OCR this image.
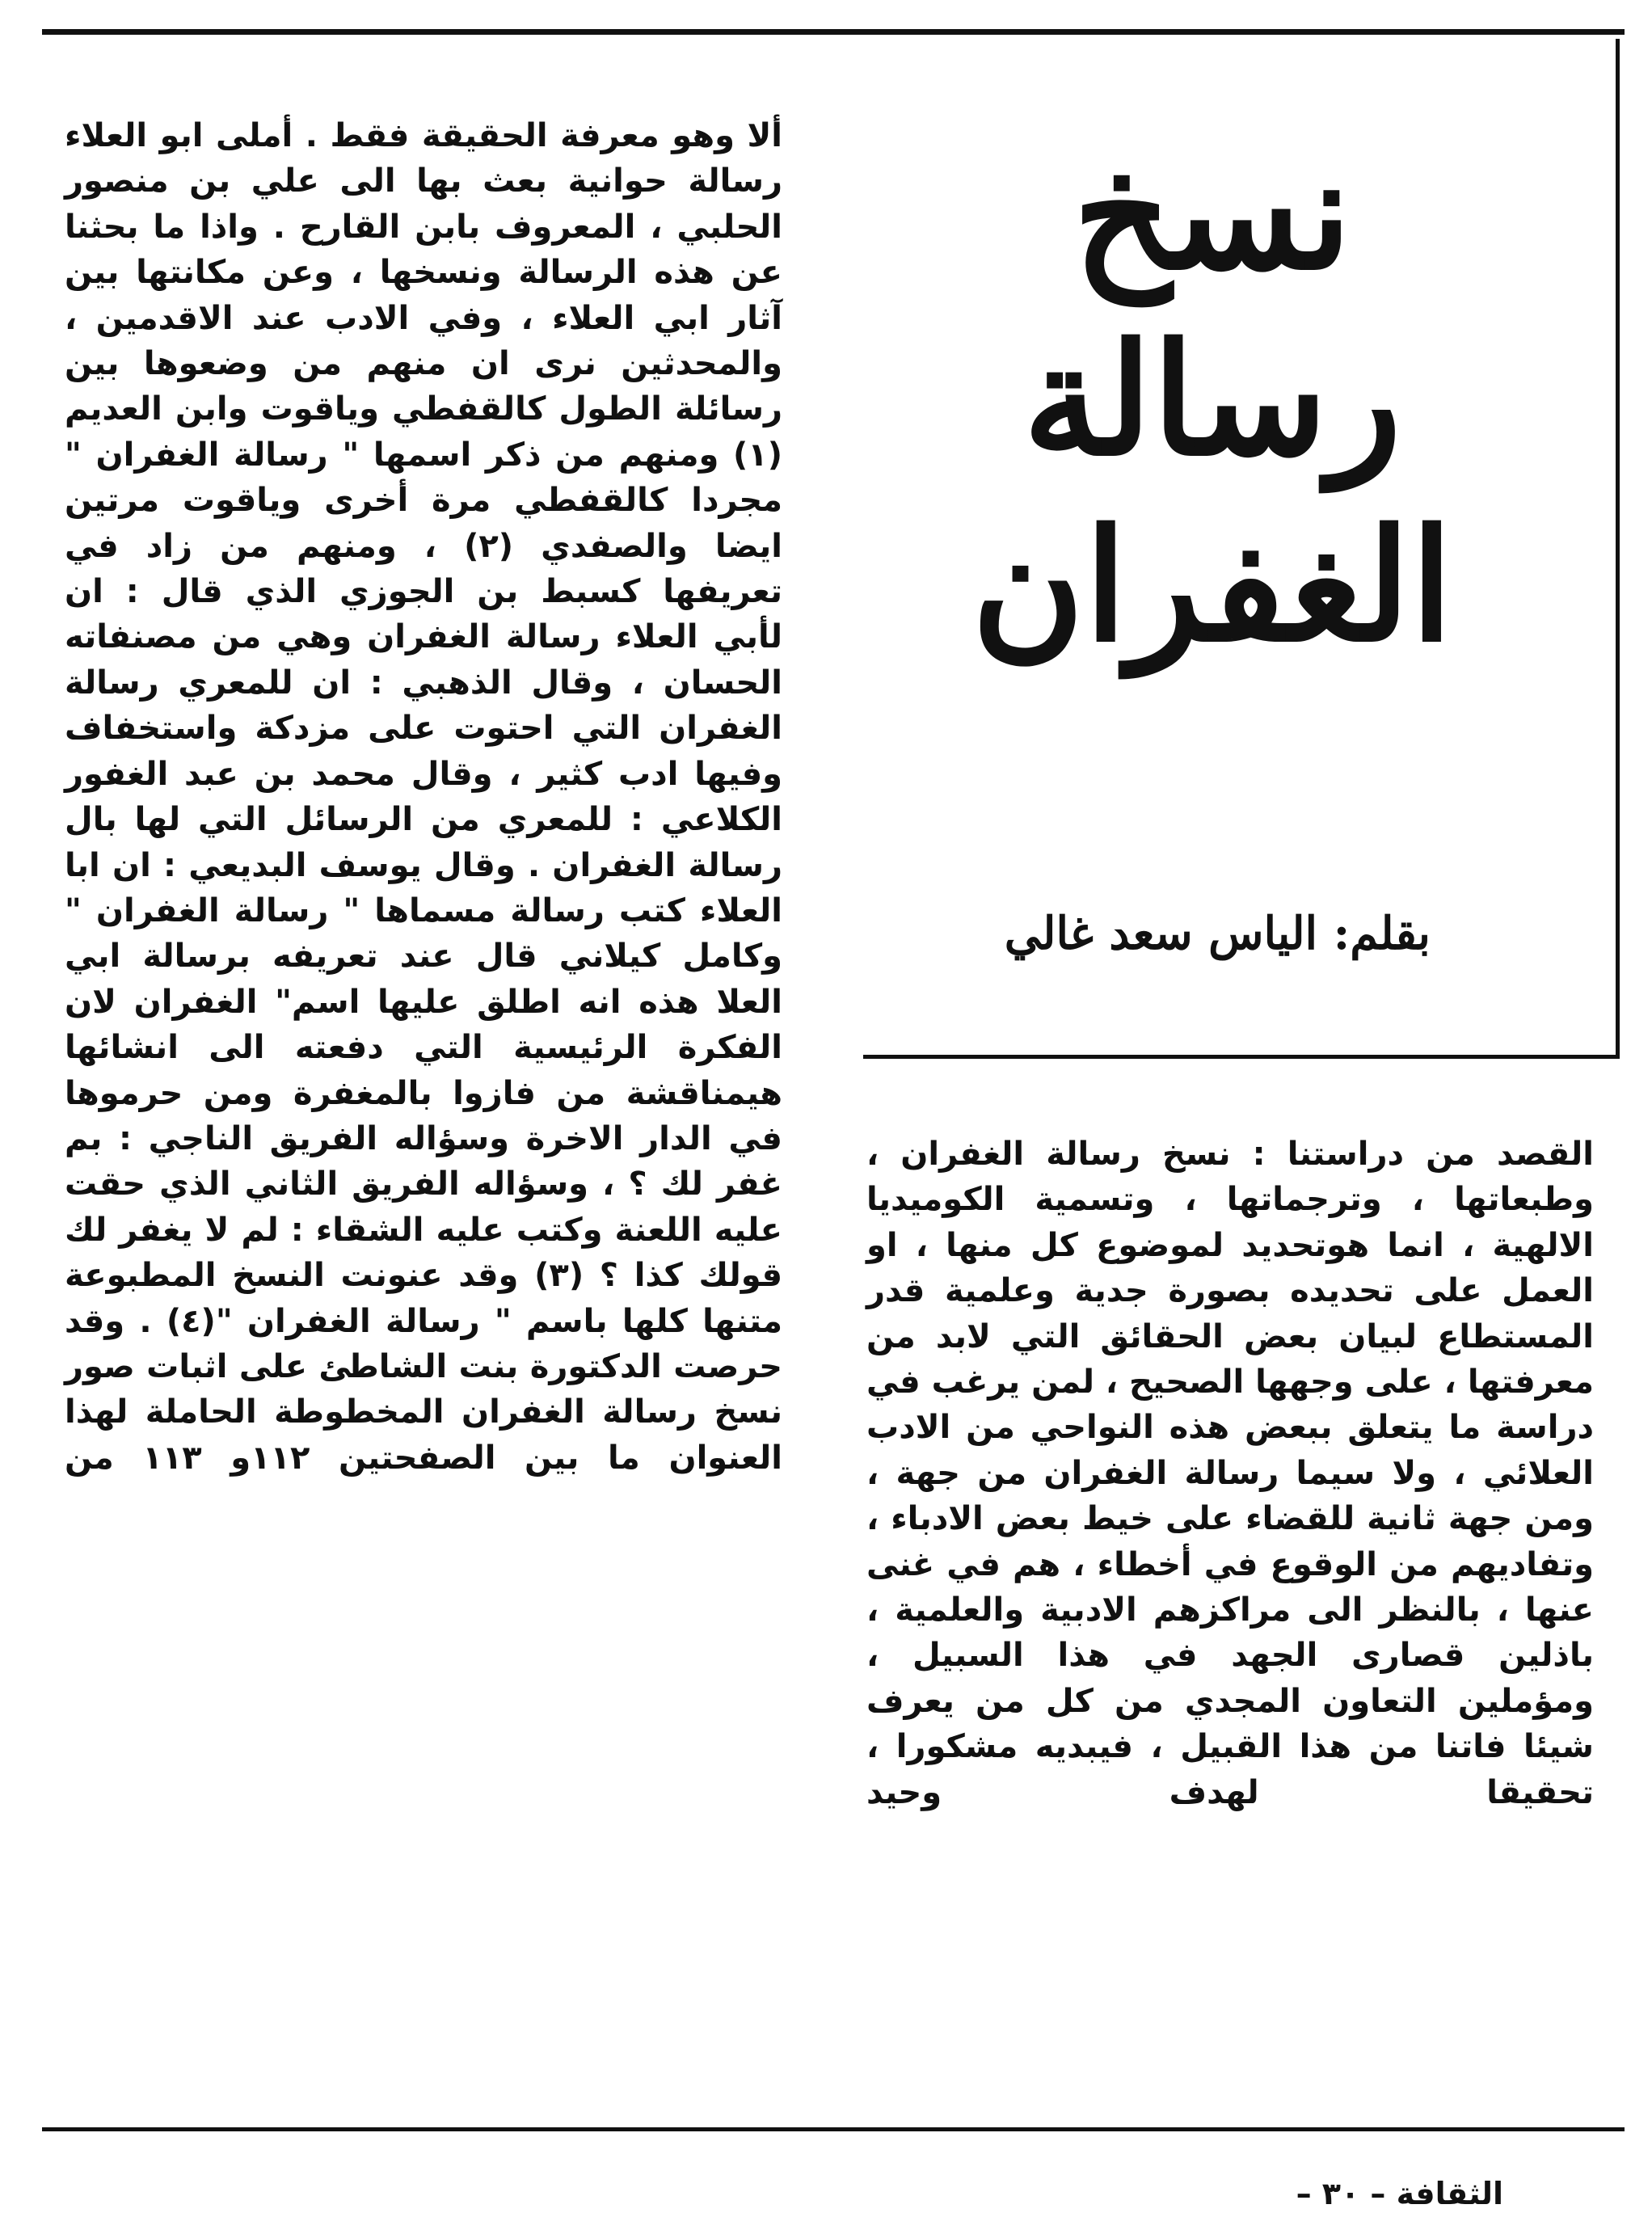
نسخ
رسالة
الغفران
بقلم: الياس سعد غالي

ألا وهو معرفة الحقيقة فقط . أملى ابو العلاء رسالة حوانية بعث بها الى علي بن منصور الحلبي ، المعروف بابن القارح . واذا ما بحثنا عن هذه الرسالة ونسخها ، وعن مكانتها بين آثار ابي العلاء ، وفي الادب عند الاقدمين ، والمحدثين نرى ان منهم من وضعوها بين رسائلة الطول كالقفطي وياقوت وابن العديم (١) ومنهم من ذكر اسمها " رسالة الغفران " مجردا كالقفطي مرة أخرى وياقوت مرتين ايضا والصفدي (٢) ، ومنهم من زاد في تعريفها كسبط بن الجوزي الذي قال : ان لأبي العلاء رسالة الغفران وهي من مصنفاته الحسان ، وقال الذهبي : ان للمعري رسالة الغفران التي احتوت على مزدكة واستخفاف وفيها ادب كثير ، وقال محمد بن عبد الغفور الكلاعي : للمعري من الرسائل التي لها بال رسالة الغفران . وقال يوسف البديعي : ان ابا العلاء كتب رسالة مسماها " رسالة الغفران " وكامل كيلاني قال عند تعريفه برسالة ابي العلا هذه انه اطلق عليها اسم" الغفران لان الفكرة الرئيسية التي دفعته الى انشائها هيمناقشة من فازوا بالمغفرة ومن حرموها في الدار الاخرة وسؤاله الفريق الناجي : بم غفر لك ؟ ، وسؤاله الفريق الثاني الذي حقت عليه اللعنة وكتب عليه الشقاء : لم لا يغفر لك قولك كذا ؟ (٣) وقد عنونت النسخ المطبوعة متنها كلها باسم " رسالة الغفران "(٤) . وقد حرصت الدكتورة بنت الشاطئ على اثبات صور نسخ رسالة الغفران المخطوطة الحاملة لهذا العنوان ما بين الصفحتين ١١٢و ١١٣ من

القصد من دراستنا : نسخ رسالة الغفران ، وطبعاتها ، وترجماتها ، وتسمية الكوميديا الالهية ، انما هوتحديد لموضوع كل منها ، او العمل على تحديده بصورة جدية وعلمية قدر المستطاع لبيان بعض الحقائق التي لابد من معرفتها ، على وجهها الصحيح ، لمن يرغب في دراسة ما يتعلق ببعض هذه النواحي من الادب العلائي ، ولا سيما رسالة الغفران من جهة ، ومن جهة ثانية للقضاء على خيط بعض الادباء ، وتفاديهم من الوقوع في أخطاء ، هم في غنى عنها ، بالنظر الى مراكزهم الادبية والعلمية ، باذلين قصارى الجهد في هذا السبيل ، ومؤملين التعاون المجدي من كل من يعرف شيئا فاتنا من هذا القبيل ، فيبديه مشكورا ، تحقيقا لهدف وحيد

الثقافة – ٣٠ –
